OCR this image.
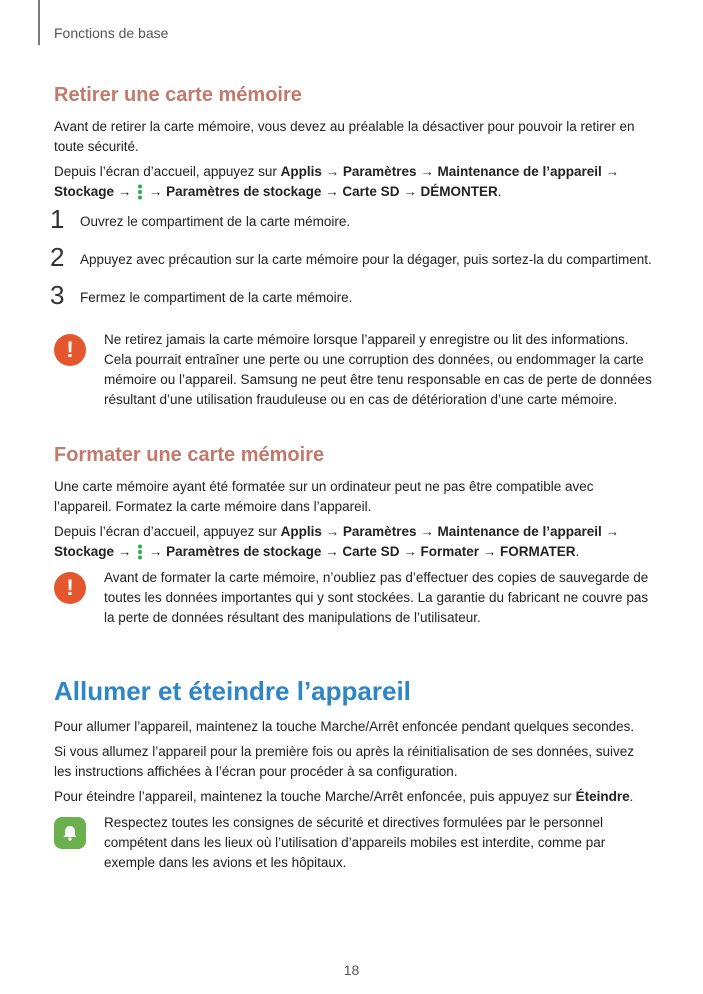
Fonctions de base
Retirer une carte mémoire

Avant de retirer la carte mémoire, vous devez au préalable la désactiver pour pouvoir la retirer en toute sécurité.

Depuis l’écran d’accueil, appuyez sur Applis → Paramètres → Maintenance de l’appareil → Stockage →  → Paramètres de stockage → Carte SD → DÉMONTER.

1 Ouvrez le compartiment de la carte mémoire.
2 Appuyez avec précaution sur la carte mémoire pour la dégager, puis sortez-la du compartiment.
3 Fermez le compartiment de la carte mémoire.
!	Ne retirez jamais la carte mémoire lorsque l’appareil y enregistre ou lit des informations. Cela pourrait entraîner une perte ou une corruption des données, ou endommager la carte mémoire ou l’appareil. Samsung ne peut être tenu responsable en cas de perte de données résultant d’une utilisation frauduleuse ou en cas de détérioration d’une carte mémoire.

Formater une carte mémoire

Une carte mémoire ayant été formatée sur un ordinateur peut ne pas être compatible avec l’appareil. Formatez la carte mémoire dans l’appareil.

Depuis l’écran d’accueil, appuyez sur Applis → Paramètres → Maintenance de l’appareil → Stockage →  → Paramètres de stockage → Carte SD → Formater → FORMATER.

!	Avant de formater la carte mémoire, n’oubliez pas d’effectuer des copies de sauvegarde de toutes les données importantes qui y sont stockées. La garantie du fabricant ne couvre pas la perte de données résultant des manipulations de l’utilisateur.

Allumer et éteindre l’appareil

Pour allumer l’appareil, maintenez la touche Marche/Arrêt enfoncée pendant quelques secondes.

Si vous allumez l’appareil pour la première fois ou après la réinitialisation de ses données, suivez les instructions affichées à l’écran pour procéder à sa configuration.

Pour éteindre l’appareil, maintenez la touche Marche/Arrêt enfoncée, puis appuyez sur Éteindre.

Respectez toutes les consignes de sécurité et directives formulées par le personnel compétent dans les lieux où l’utilisation d’appareils mobiles est interdite, comme par exemple dans les avions et les hôpitaux.

18
